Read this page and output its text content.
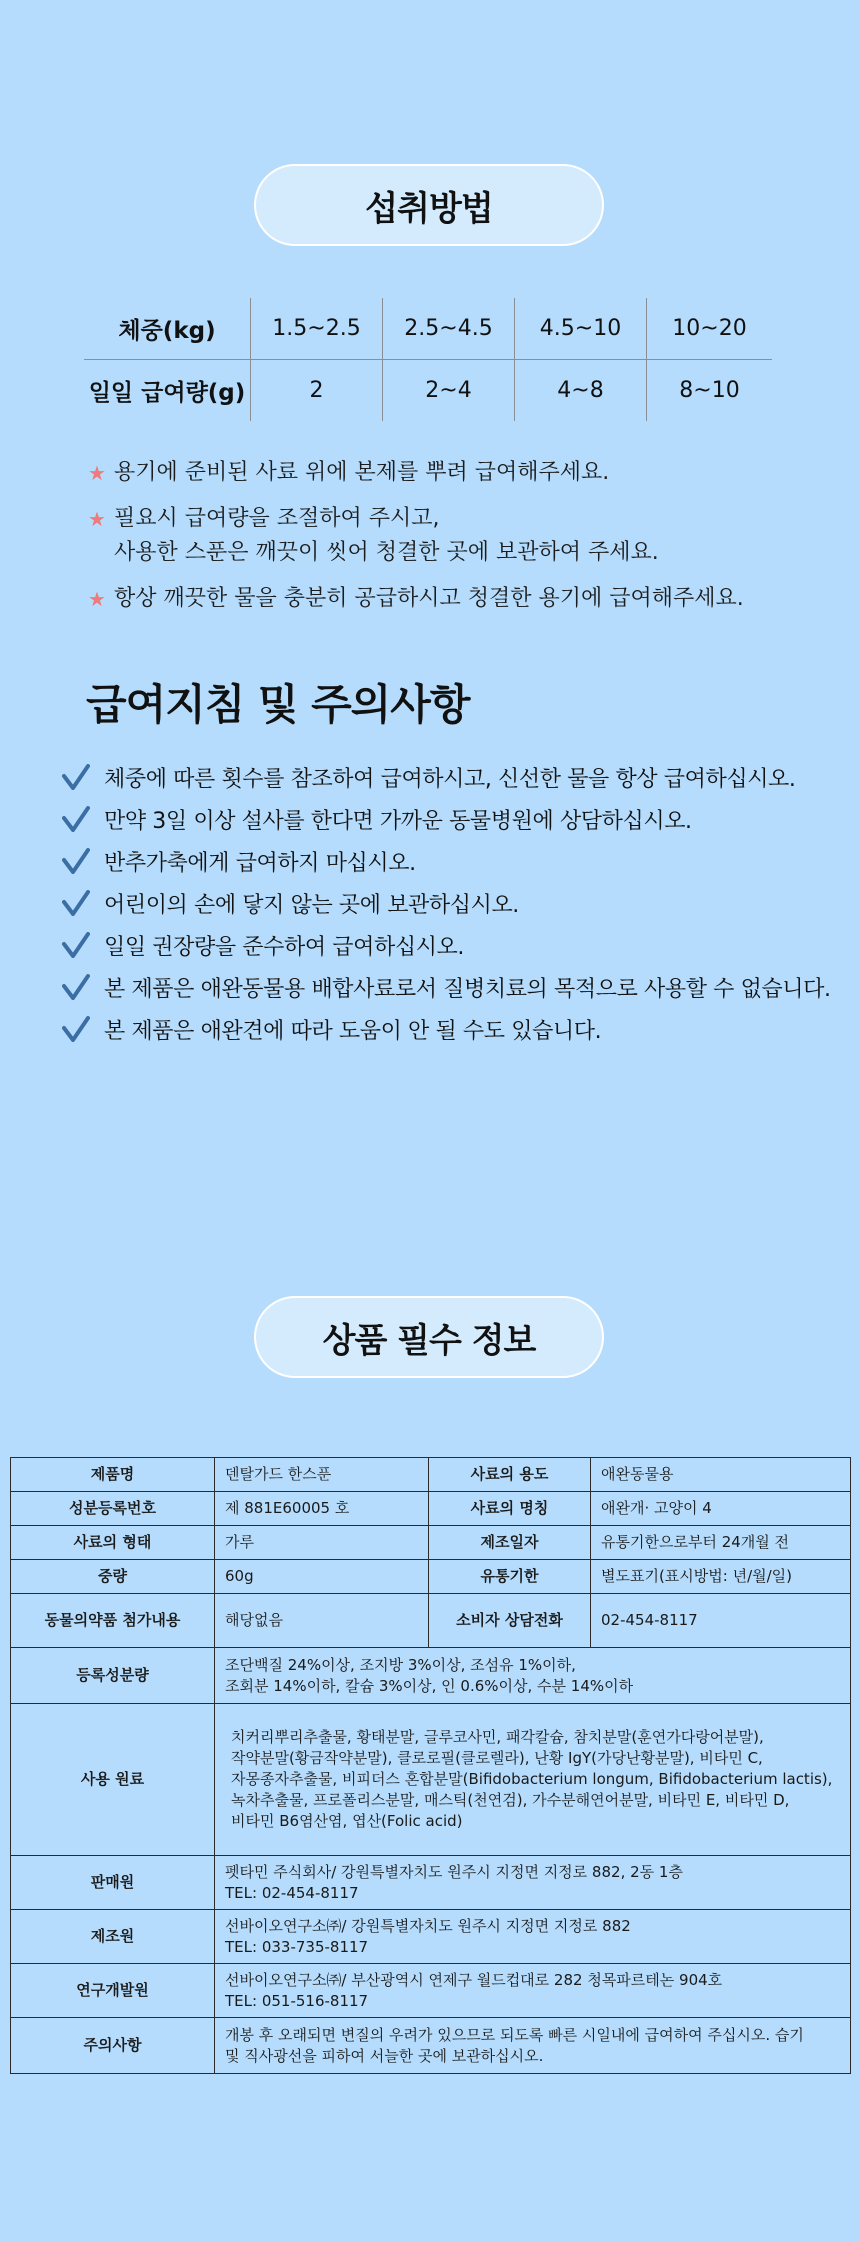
섭취방법
체중(kg)	1.5~2.5	2.5~4.5	4.5~10	10~20
일일 급여량(g)	2	2~4	4~8	8~10
★ 용기에 준비된 사료 위에 본제를 뿌려 급여해주세요.
★ 필요시 급여량을 조절하여 주시고,
사용한 스푼은 깨끗이 씻어 청결한 곳에 보관하여 주세요.
★ 항상 깨끗한 물을 충분히 공급하시고 청결한 용기에 급여해주세요.
급여지침 및 주의사항
체중에 따른 횟수를 참조하여 급여하시고, 신선한 물을 항상 급여하십시오.
만약 3일 이상 설사를 한다면 가까운 동물병원에 상담하십시오.
반추가축에게 급여하지 마십시오.
어린이의 손에 닿지 않는 곳에 보관하십시오.
일일 권장량을 준수하여 급여하십시오.
본 제품은 애완동물용 배합사료로서 질병치료의 목적으로 사용할 수 없습니다.
본 제품은 애완견에 따라 도움이 안 될 수도 있습니다.
상품 필수 정보
제품명	덴탈가드 한스푼	사료의 용도	애완동물용
성분등록번호	제 881E60005 호	사료의 명칭	애완개· 고양이 4
사료의 형태	가루	제조일자	유통기한으로부터 24개월 전
중량	60g	유통기한	별도표기(표시방법: 년/월/일)
동물의약품 첨가내용	해당없음	소비자 상담전화	02-454-8117
등록성분량	조단백질 24%이상, 조지방 3%이상, 조섬유 1%이하,
조회분 14%이하, 칼슘 3%이상, 인 0.6%이상, 수분 14%이하		
사용 원료	치커리뿌리추출물, 황태분말, 글루코사민, 패각칼슘, 참치분말(훈연가다랑어분말),
작약분말(황금작약분말), 클로로필(클로렐라), 난황 IgY(가당난황분말), 비타민 C,
자몽종자추출물, 비피더스 혼합분말(Bifidobacterium longum, Bifidobacterium lactis),
녹차추출물, 프로폴리스분말, 매스틱(천연검), 가수분해연어분말, 비타민 E, 비타민 D,
비타민 B6염산염, 엽산(Folic acid)		
판매원	펫타민 주식회사/ 강원특별자치도 원주시 지정면 지정로 882, 2동 1층
TEL: 02-454-8117		
제조원	선바이오연구소㈜/ 강원특별자치도 원주시 지정면 지정로 882
TEL: 033-735-8117		
연구개발원	선바이오연구소㈜/ 부산광역시 연제구 월드컵대로 282 청목파르테논 904호
TEL: 051-516-8117		
주의사항	개봉 후 오래되면 변질의 우려가 있으므로 되도록 빠른 시일내에 급여하여 주십시오. 습기
및 직사광선을 피하여 서늘한 곳에 보관하십시오.		
